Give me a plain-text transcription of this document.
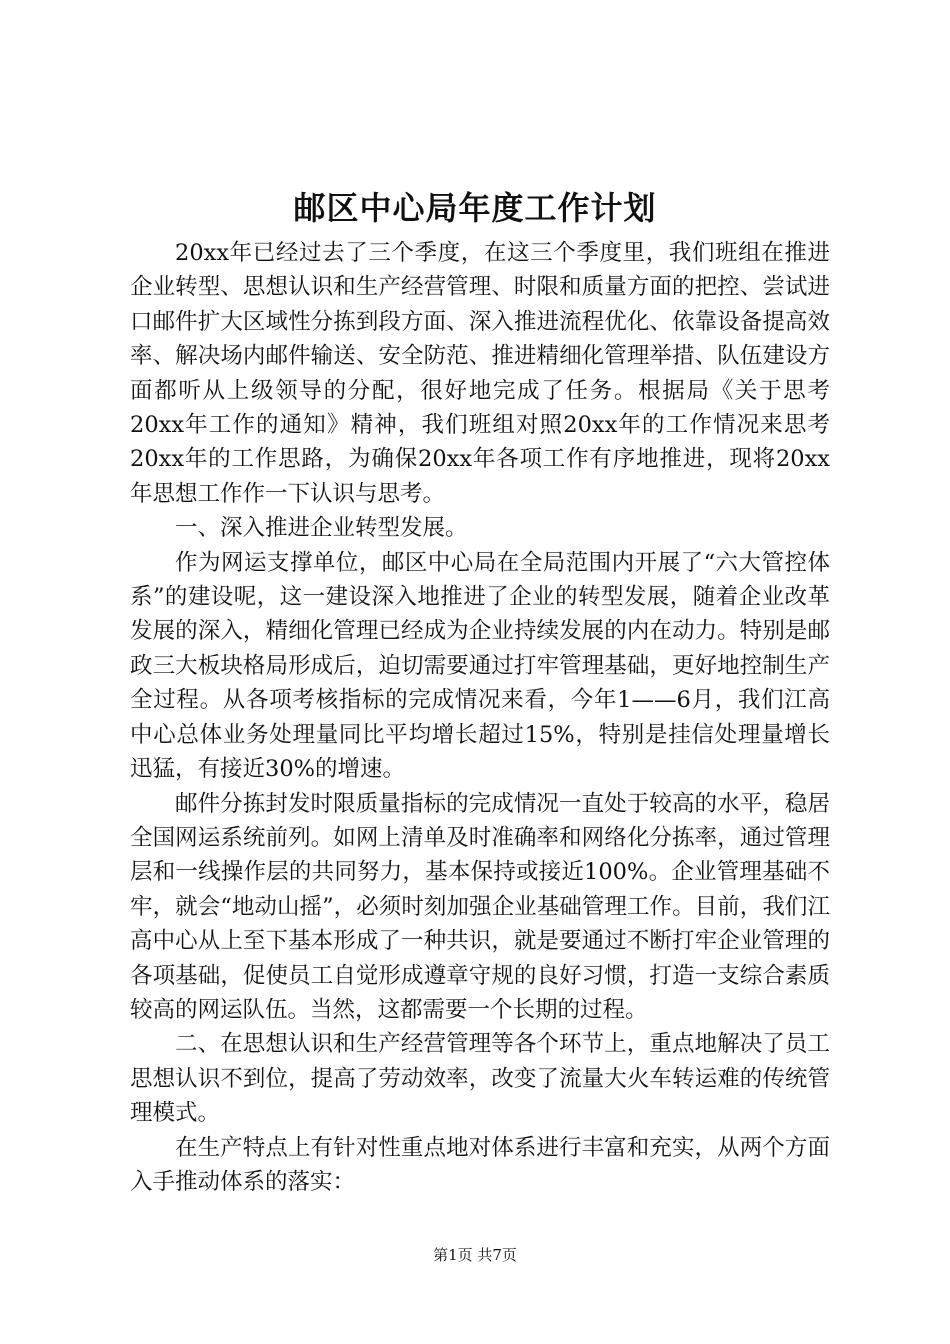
邮区中心局年度工作计划

20xx年已经过去了三个季度，在这三个季度里，我们班组在推进企业转型、思想认识和生产经营管理、时限和质量方面的把控、尝试进口邮件扩大区域性分拣到段方面、深入推进流程优化、依靠设备提高效率、解决场内邮件输送、安全防范、推进精细化管理举措、队伍建设方面都听从上级领导的分配，很好地完成了任务。根据局《关于思考20xx年工作的通知》精神，我们班组对照20xx年的工作情况来思考20xx年的工作思路，为确保20xx年各项工作有序地推进，现将20xx年思想工作作一下认识与思考。

一、深入推进企业转型发展。

作为网运支撑单位，邮区中心局在全局范围内开展了“六大管控体系”的建设呢，这一建设深入地推进了企业的转型发展，随着企业改革发展的深入，精细化管理已经成为企业持续发展的内在动力。特别是邮政三大板块格局形成后，迫切需要通过打牢管理基础，更好地控制生产全过程。从各项考核指标的完成情况来看，今年1——6月，我们江高中心总体业务处理量同比平均增长超过15%，特别是挂信处理量增长迅猛，有接近30%的增速。

邮件分拣封发时限质量指标的完成情况一直处于较高的水平，稳居全国网运系统前列。如网上清单及时准确率和网络化分拣率，通过管理层和一线操作层的共同努力，基本保持或接近100%。企业管理基础不牢，就会“地动山摇”，必须时刻加强企业基础管理工作。目前，我们江高中心从上至下基本形成了一种共识，就是要通过不断打牢企业管理的各项基础，促使员工自觉形成遵章守规的良好习惯，打造一支综合素质较高的网运队伍。当然，这都需要一个长期的过程。

二、在思想认识和生产经营管理等各个环节上，重点地解决了员工思想认识不到位，提高了劳动效率，改变了流量大火车转运难的传统管理模式。

在生产特点上有针对性重点地对体系进行丰富和充实，从两个方面入手推动体系的落实：

第1页 共7页
